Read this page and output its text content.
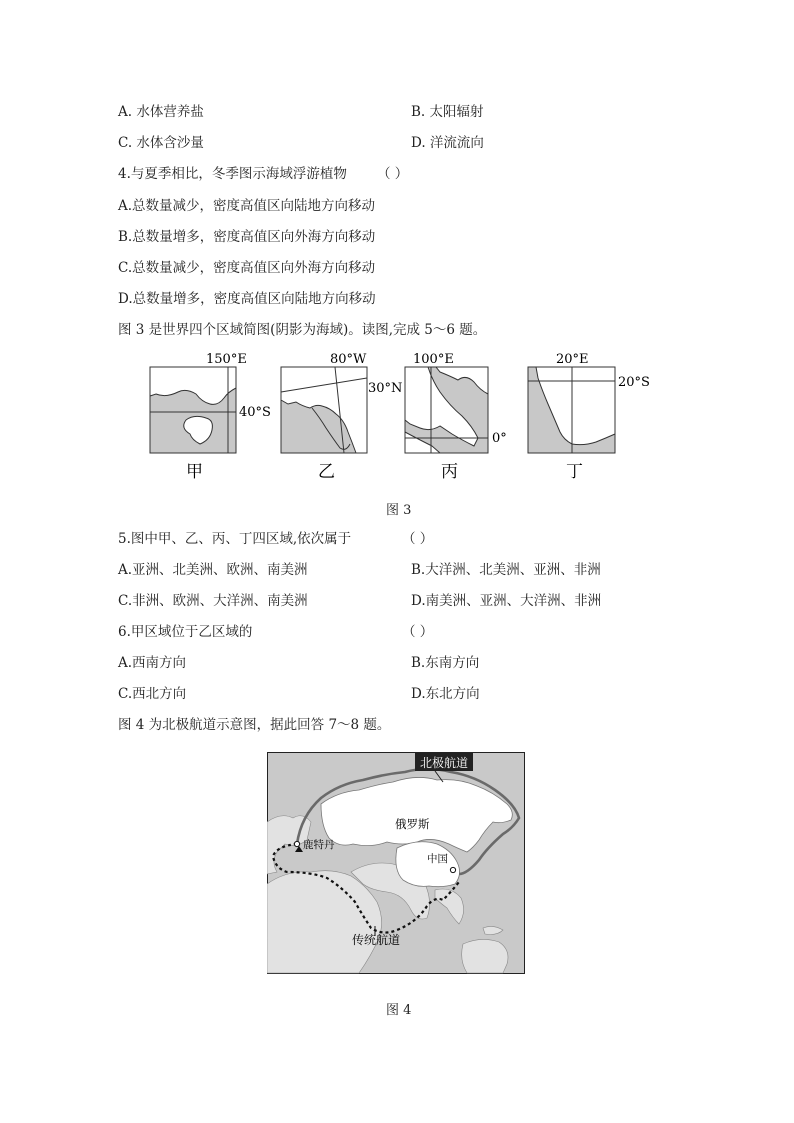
A. 水体营养盐	B. 太阳辐射
C. 水体含沙量	D. 洋流流向
4.与夏季相比，冬季图示海域浮游植物 （ ）
A.总数量减少，密度高值区向陆地方向移动
B.总数量增多，密度高值区向外海方向移动
C.总数量减少，密度高值区向外海方向移动
D.总数量增多，密度高值区向陆地方向移动
图 3 是世界四个区域简图(阴影为海域)。读图,完成 5～6 题。
150°E
40°S
甲
80°W
30°N
乙
100°E
0°
丙
20°E
20°S
丁
图 3
5.图中甲、乙、丙、丁四区域,依次属于	（ ）
A.亚洲、北美洲、欧洲、南美洲	B.大洋洲、北美洲、亚洲、非洲
C.非洲、欧洲、大洋洲、南美洲	D.南美洲、亚洲、大洋洲、非洲
6.甲区域位于乙区域的	（ ）
A.西南方向	B.东南方向
C.西北方向	D.东北方向
图 4 为北极航道示意图，据此回答 7～8 题。
北极航道
俄罗斯
中国
鹿特丹
传统航道
图 4
